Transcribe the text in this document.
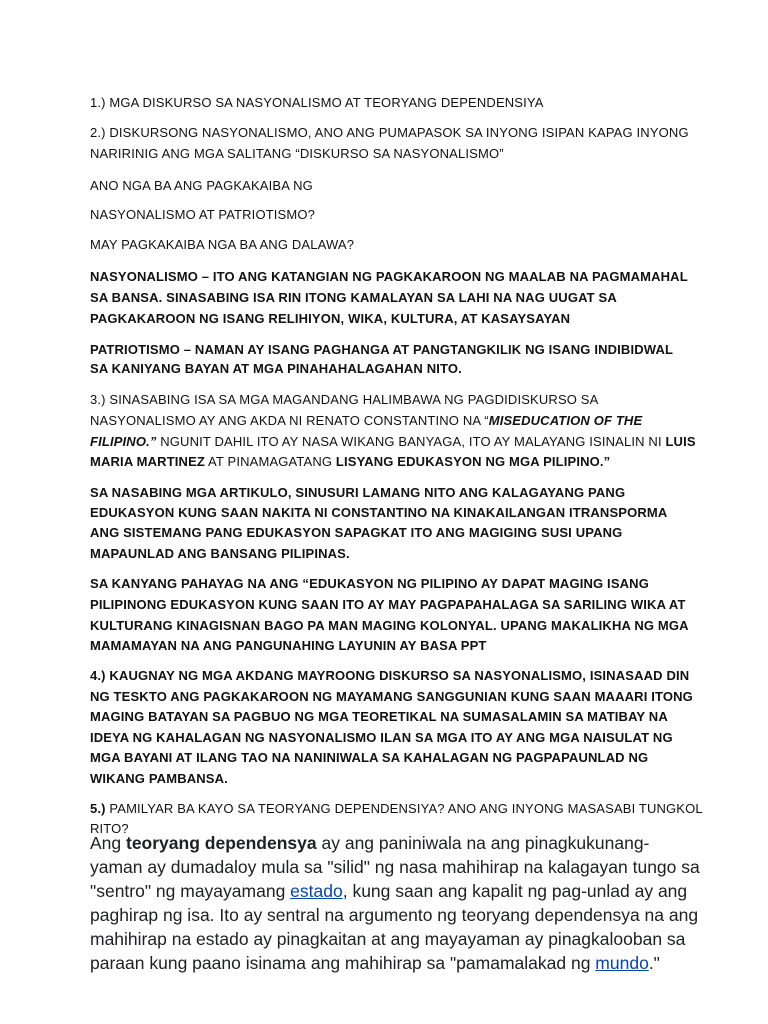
1.) MGA DISKURSO SA NASYONALISMO AT TEORYANG DEPENDENSIYA

2.) DISKURSONG NASYONALISMO, ANO ANG PUMAPASOK SA INYONG ISIPAN KAPAG INYONG

NARIRINIG ANG MGA SALITANG “DISKURSO SA NASYONALISMO”

ANO NGA BA ANG PAGKAKAIBA NG

NASYONALISMO AT PATRIOTISMO?

MAY PAGKAKAIBA NGA BA ANG DALAWA?

NASYONALISMO – ITO ANG KATANGIAN NG PAGKAKAROON NG MAALAB NA PAGMAMAHAL

SA BANSA. SINASABING ISA RIN ITONG KAMALAYAN SA LAHI NA NAG UUGAT SA

PAGKAKAROON NG ISANG RELIHIYON, WIKA, KULTURA, AT KASAYSAYAN

PATRIOTISMO – NAMAN AY ISANG PAGHANGA AT PANGTANGKILIK NG ISANG INDIBIDWAL

SA KANIYANG BAYAN AT MGA PINAHAHALAGAHAN NITO.

3.) SINASABING ISA SA MGA MAGANDANG HALIMBAWA NG PAGDIDISKURSO SA

NASYONALISMO AY ANG AKDA NI RENATO CONSTANTINO NA “MISEDUCATION OF THE

FILIPINO.” NGUNIT DAHIL ITO AY NASA WIKANG BANYAGA, ITO AY MALAYANG ISINALIN NI LUIS

MARIA MARTINEZ AT PINAMAGATANG LISYANG EDUKASYON NG MGA PILIPINO.”

SA NASABING MGA ARTIKULO, SINUSURI LAMANG NITO ANG KALAGAYANG PANG

EDUKASYON KUNG SAAN NAKITA NI CONSTANTINO NA KINAKAILANGAN ITRANSPORMA

ANG SISTEMANG PANG EDUKASYON SAPAGKAT ITO ANG MAGIGING SUSI UPANG

MAPAUNLAD ANG BANSANG PILIPINAS.

SA KANYANG PAHAYAG NA ANG “EDUKASYON NG PILIPINO AY DAPAT MAGING ISANG

PILIPINONG EDUKASYON KUNG SAAN ITO AY MAY PAGPAPAHALAGA SA SARILING WIKA AT

KULTURANG KINAGISNAN BAGO PA MAN MAGING KOLONYAL. UPANG MAKALIKHA NG MGA

MAMAMAYAN NA ANG PANGUNAHING LAYUNIN AY BASA PPT

4.) KAUGNAY NG MGA AKDANG MAYROONG DISKURSO SA NASYONALISMO, ISINASAAD DIN

NG TESKTO ANG PAGKAKAROON NG MAYAMANG SANGGUNIAN KUNG SAAN MAAARI ITONG

MAGING BATAYAN SA PAGBUO NG MGA TEORETIKAL NA SUMASALAMIN SA MATIBAY NA

IDEYA NG KAHALAGAN NG NASYONALISMO ILAN SA MGA ITO AY ANG MGA NAISULAT NG

MGA BAYANI AT ILANG TAO NA NANINIWALA SA KAHALAGAN NG PAGPAPAUNLAD NG

WIKANG PAMBANSA.

5.) PAMILYAR BA KAYO SA TEORYANG DEPENDENSIYA? ANO ANG INYONG MASASABI TUNGKOL

RITO?

Ang teoryang dependensya ay ang paniniwala na ang pinagkukunang-

yaman ay dumadaloy mula sa "silid" ng nasa mahihirap na kalagayan tungo sa

"sentro" ng mayayamang estado, kung saan ang kapalit ng pag-unlad ay ang

paghirap ng isa. Ito ay sentral na argumento ng teoryang dependensya na ang

mahihirap na estado ay pinagkaitan at ang mayayaman ay pinagkalooban sa

paraan kung paano isinama ang mahihirap sa "pamamalakad ng mundo."
